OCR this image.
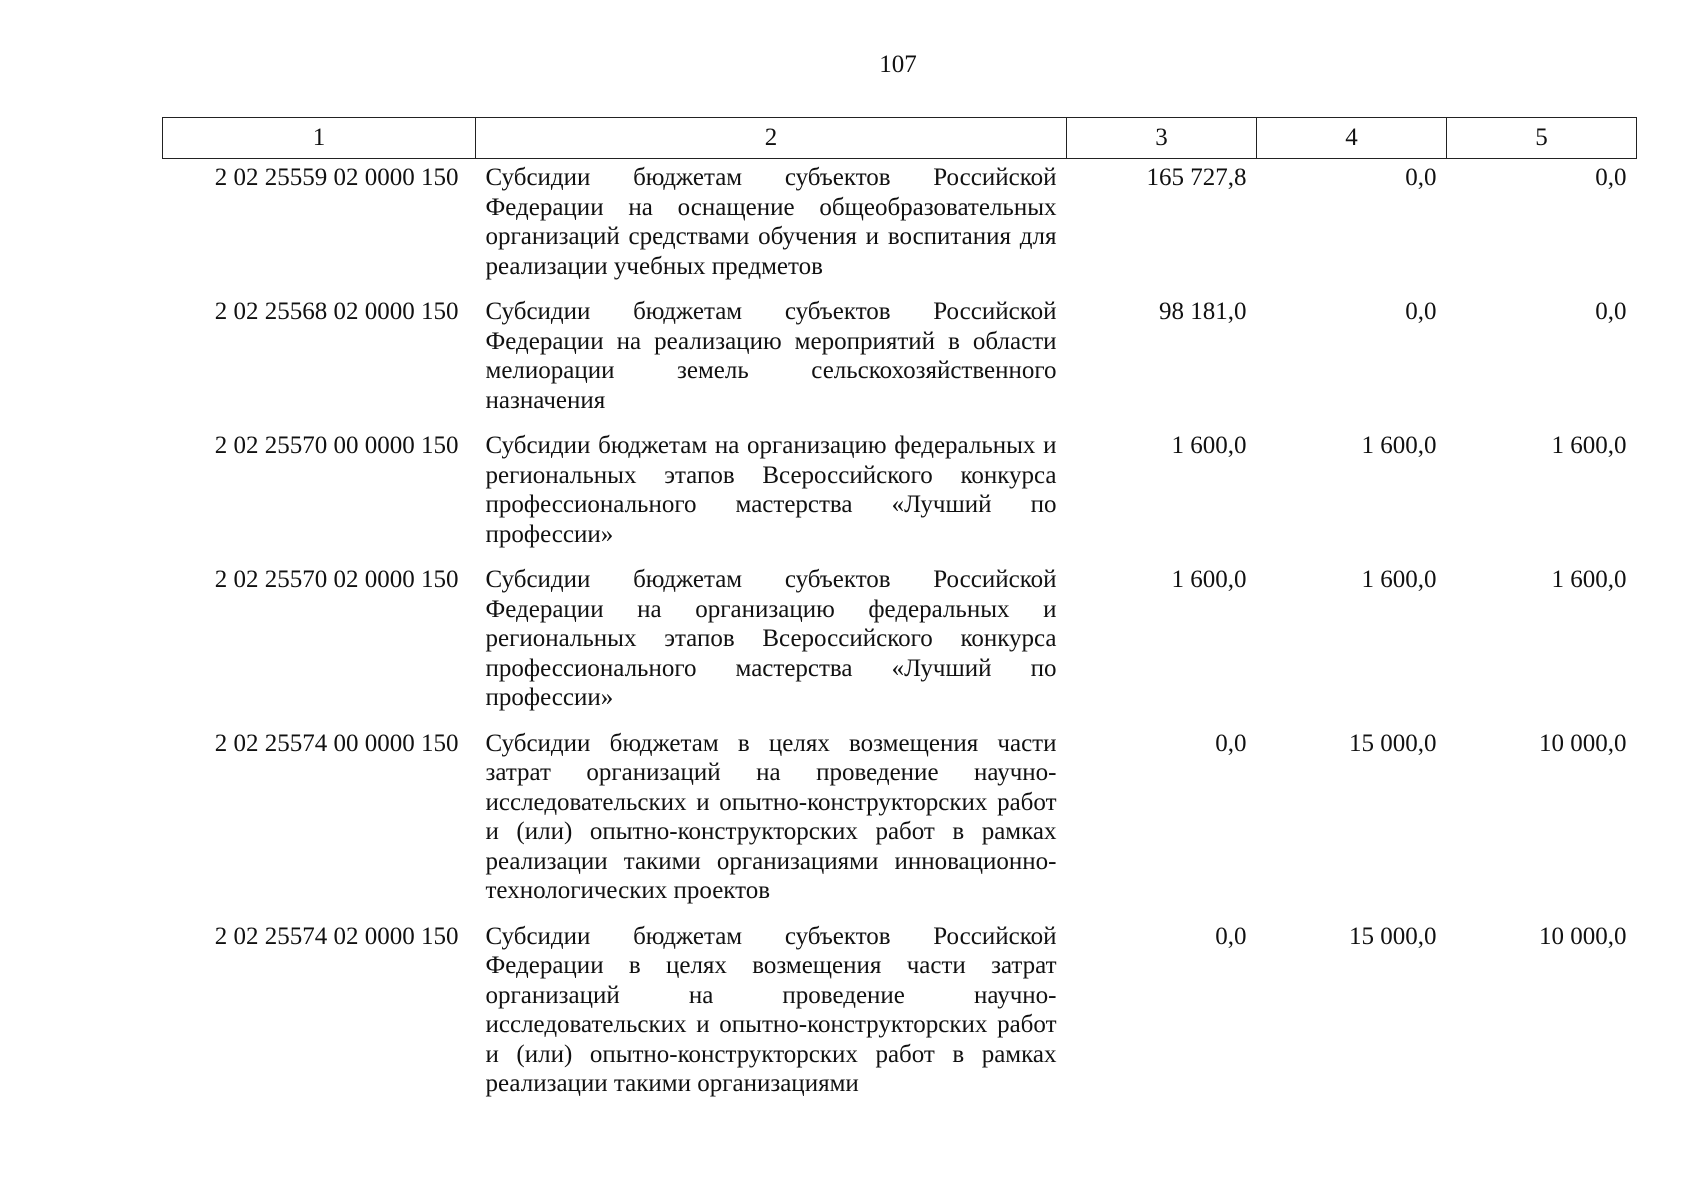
107
1	2	3	4	5
2 02 25559 02 0000 150	Субсидии бюджетам субъектов Российской Федерации на оснащение общеобразовательных организаций средствами обучения и воспитания для реализации учебных предметов	165 727,8	0,0	0,0
2 02 25568 02 0000 150	Субсидии бюджетам субъектов Российской Федерации на реализацию мероприятий в области мелиорации земель сельскохозяйственного назначения	98 181,0	0,0	0,0
2 02 25570 00 0000 150	Субсидии бюджетам на организацию федеральных и региональных этапов Всероссийского конкурса профессионального мастерства «Лучший по профессии»	1 600,0	1 600,0	1 600,0
2 02 25570 02 0000 150	Субсидии бюджетам субъектов Российской Федерации на организацию федеральных и региональных этапов Всероссийского конкурса профессионального мастерства «Лучший по профессии»	1 600,0	1 600,0	1 600,0
2 02 25574 00 0000 150	Субсидии бюджетам в целях возмещения части затрат организаций на проведение научно-исследовательских и опытно-конструкторских работ и (или) опытно-конструкторских работ в рамках реализации такими организациями инновационно-технологических проектов	0,0	15 000,0	10 000,0
2 02 25574 02 0000 150	Субсидии бюджетам субъектов Российской Федерации в целях возмещения части затрат организаций на проведение научно-исследовательских и опытно-конструкторских работ и (или) опытно-конструкторских работ в рамках реализации такими организациями	0,0	15 000,0	10 000,0
